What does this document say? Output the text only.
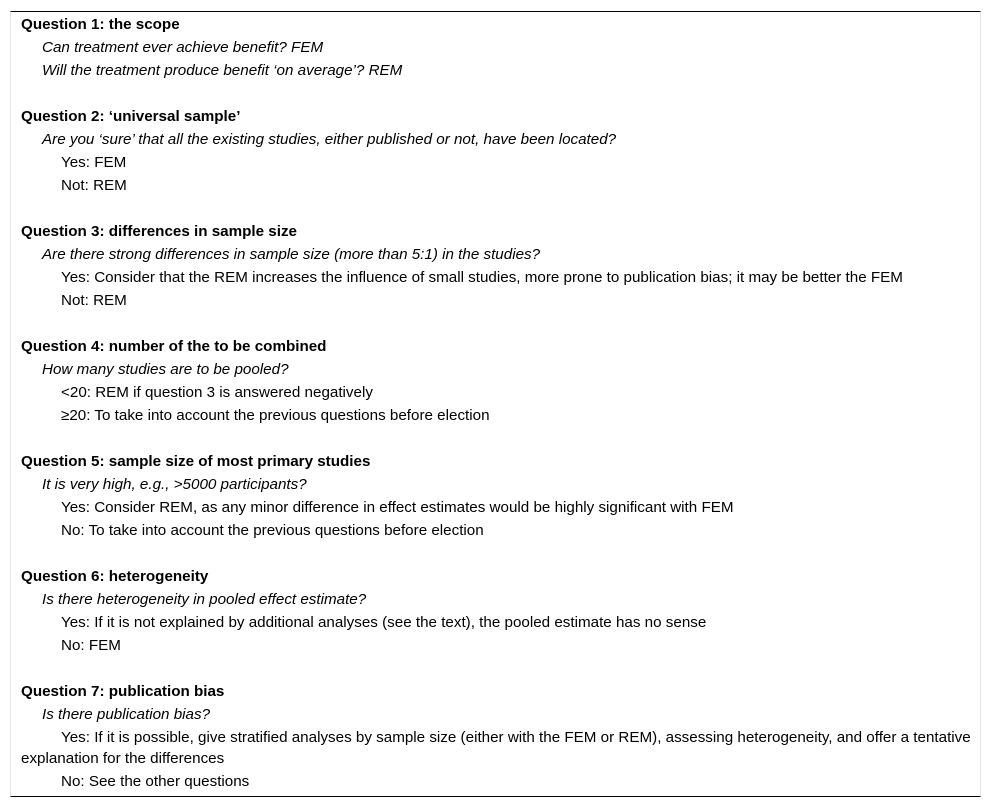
Question 1: the scope
Can treatment ever achieve benefit? FEM
Will the treatment produce benefit ‘on average’? REM
Question 2: ‘universal sample’
Are you ‘sure’ that all the existing studies, either published or not, have been located?
Yes: FEM
Not: REM
Question 3: differences in sample size
Are there strong differences in sample size (more than 5:1) in the studies?
Yes: Consider that the REM increases the influence of small studies, more prone to publication bias; it may be better the FEM
Not: REM
Question 4: number of the to be combined
How many studies are to be pooled?
<20: REM if question 3 is answered negatively
≥20: To take into account the previous questions before election
Question 5: sample size of most primary studies
It is very high, e.g., >5000 participants?
Yes: Consider REM, as any minor difference in effect estimates would be highly significant with FEM
No: To take into account the previous questions before election
Question 6: heterogeneity
Is there heterogeneity in pooled effect estimate?
Yes: If it is not explained by additional analyses (see the text), the pooled estimate has no sense
No: FEM
Question 7: publication bias
Is there publication bias?
Yes: If it is possible, give stratified analyses by sample size (either with the FEM or REM), assessing heterogeneity, and offer a tentative explanation for the differences
No: See the other questions
